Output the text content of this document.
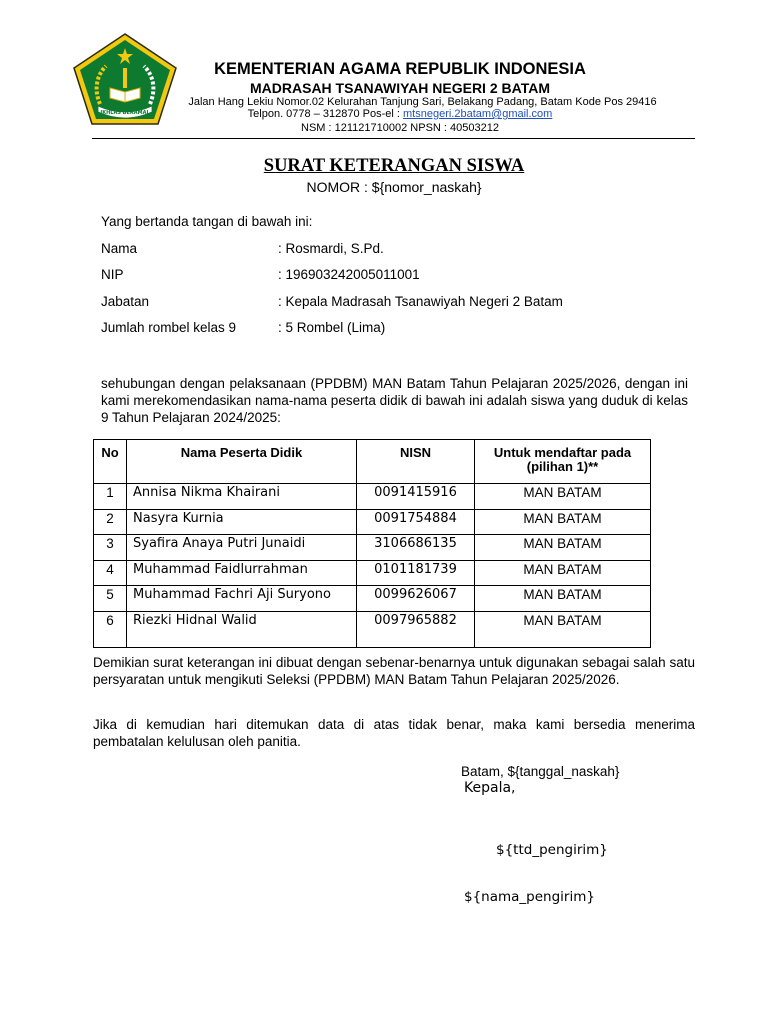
IKHLAS BERAMAL
KEMENTERIAN AGAMA REPUBLIK INDONESIA
MADRASAH TSANAWIYAH NEGERI 2 BATAM
Jalan Hang Lekiu Nomor.02 Kelurahan Tanjung Sari, Belakang Padang, Batam Kode Pos 29416
Telpon. 0778 – 312870 Pos-el : mtsnegeri.2batam@gmail.com
NSM : 121121710002 NPSN : 40503212
SURAT KETERANGAN SISWA
NOMOR : ${nomor_naskah}
Yang bertanda tangan di bawah ini:
Nama	: Rosmardi, S.Pd.
NIP	: 196903242005011001
Jabatan	: Kepala Madrasah Tsanawiyah Negeri 2 Batam
Jumlah rombel kelas 9	: 5 Rombel (Lima)
sehubungan dengan pelaksanaan (PPDBM) MAN Batam Tahun Pelajaran 2025/2026, dengan ini kami merekomendasikan nama-nama peserta didik di bawah ini adalah siswa yang duduk di kelas 9 Tahun Pelajaran 2024/2025:
No	Nama Peserta Didik	NISN	Untuk mendaftar pada (pilihan 1)**
1	Annisa Nikma Khairani	0091415916	MAN BATAM
2	Nasyra Kurnia	0091754884	MAN BATAM
3	Syafira Anaya Putri Junaidi	3106686135	MAN BATAM
4	Muhammad Faidlurrahman	0101181739	MAN BATAM
5	Muhammad Fachri Aji Suryono	0099626067	MAN BATAM
6	Riezki Hidnal Walid	0097965882	MAN BATAM
Demikian surat keterangan ini dibuat dengan sebenar-benarnya untuk digunakan sebagai salah satu persyaratan untuk mengikuti Seleksi (PPDBM) MAN Batam Tahun Pelajaran 2025/2026.
Jika di kemudian hari ditemukan data di atas tidak benar, maka kami bersedia menerima pembatalan kelulusan oleh panitia.
Batam, ${tanggal_naskah}
Kepala,
${ttd_pengirim}
${nama_pengirim}
